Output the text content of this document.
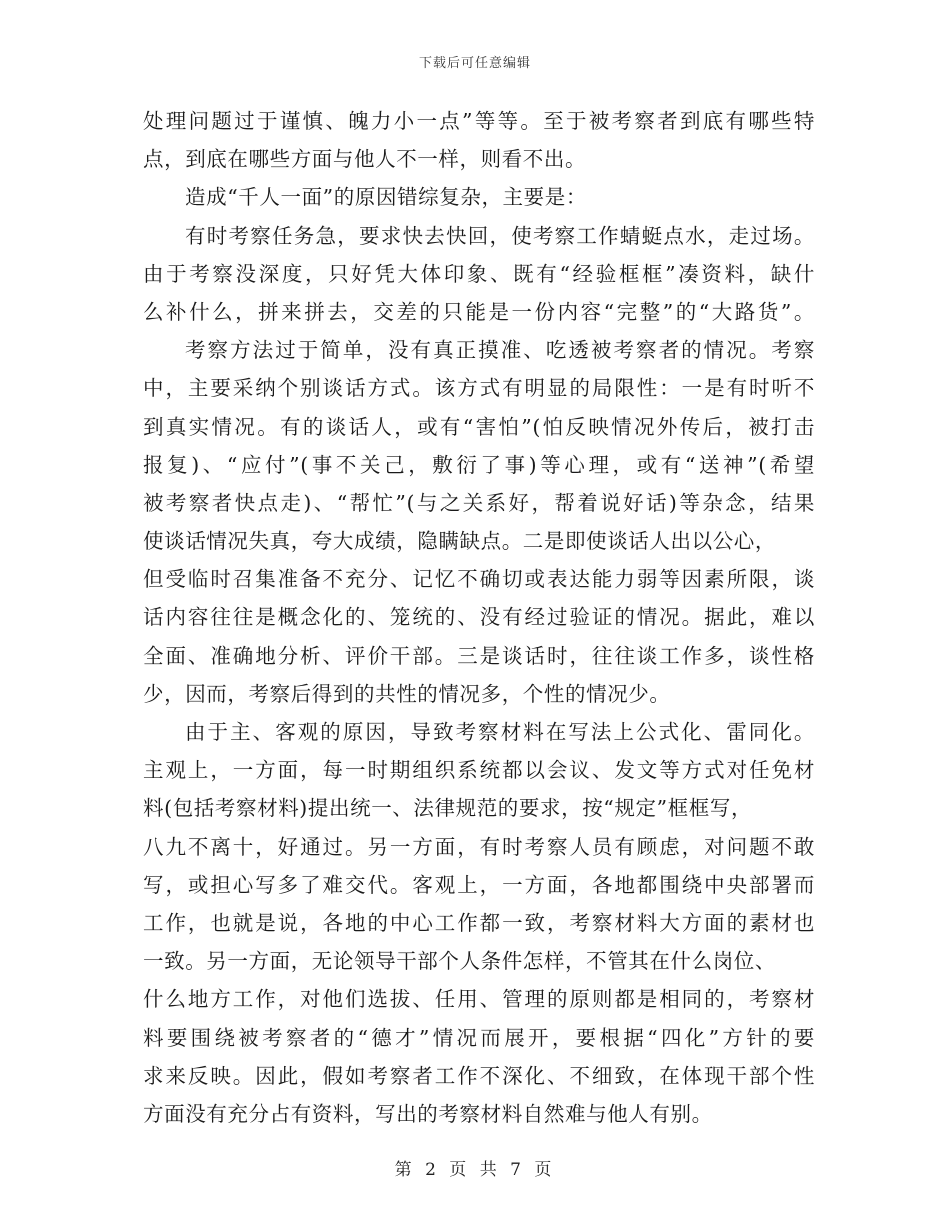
下载后可任意编辑
处理问题过于谨慎、魄力小一点”等等。至于被考察者到底有哪些特
点，到底在哪些方面与他人不一样，则看不出。
造成“千人一面”的原因错综复杂，主要是：
有时考察任务急，要求快去快回，使考察工作蜻蜓点水，走过场。
由于考察没深度，只好凭大体印象、既有“经验框框”凑资料，缺什
么补什么，拼来拼去，交差的只能是一份内容“完整”的“大路货”。
考察方法过于简单，没有真正摸准、吃透被考察者的情况。考察
中，主要采纳个别谈话方式。该方式有明显的局限性：一是有时听不
到真实情况。有的谈话人，或有“害怕”(怕反映情况外传后，被打击
报复)、“应付”(事不关己，敷衍了事)等心理，或有“送神”(希望
被考察者快点走)、“帮忙”(与之关系好，帮着说好话)等杂念，结果
使谈话情况失真，夸大成绩，隐瞒缺点。二是即使谈话人出以公心，
但受临时召集准备不充分、记忆不确切或表达能力弱等因素所限，谈
话内容往往是概念化的、笼统的、没有经过验证的情况。据此，难以
全面、准确地分析、评价干部。三是谈话时，往往谈工作多，谈性格
少，因而，考察后得到的共性的情况多，个性的情况少。
由于主、客观的原因，导致考察材料在写法上公式化、雷同化。
主观上，一方面，每一时期组织系统都以会议、发文等方式对任免材
料(包括考察材料)提出统一、法律规范的要求，按“规定”框框写，
八九不离十，好通过。另一方面，有时考察人员有顾虑，对问题不敢
写，或担心写多了难交代。客观上，一方面，各地都围绕中央部署而
工作，也就是说，各地的中心工作都一致，考察材料大方面的素材也
一致。另一方面，无论领导干部个人条件怎样，不管其在什么岗位、
什么地方工作，对他们选拔、任用、管理的原则都是相同的，考察材
料要围绕被考察者的“德才”情况而展开，要根据“四化”方针的要
求来反映。因此，假如考察者工作不深化、不细致，在体现干部个性
方面没有充分占有资料，写出的考察材料自然难与他人有别。
第 2 页 共 7 页
